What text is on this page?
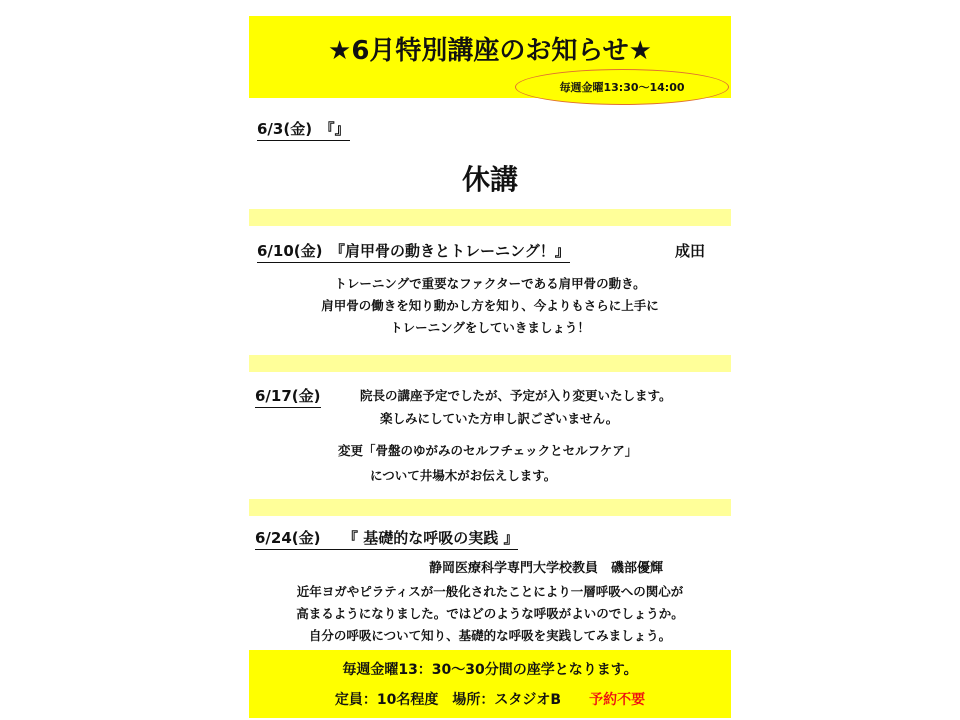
★6月特別講座のお知らせ★
毎週金曜13:30～14:00
6/3(金)　『』
休講
6/10(金)　『肩甲骨の動きとトレーニング！』	成田
トレーニングで重要なファクターである肩甲骨の動き。
肩甲骨の働きを知り動かし方を知り、今よりもさらに上手に
トレーニングをしていきましょう！
6/17(金)	院長の講座予定でしたが、予定が入り変更いたします。
楽しみにしていた方申し訳ございません。
変更「骨盤のゆがみのセルフチェックとセルフケア」
について井場木がお伝えします。
6/24(金)　　『 基礎的な呼吸の実践 』
静岡医療科学専門大学校教員　磯部優輝
近年ヨガやピラティスが一般化されたことにより一層呼吸への関心が
高まるようになりました。ではどのような呼吸がよいのでしょうか。
自分の呼吸について知り、基礎的な呼吸を実践してみましょう。
毎週金曜13：30～30分間の座学となります。
定員：10名程度　場所：スタジオB　　 予約不要
